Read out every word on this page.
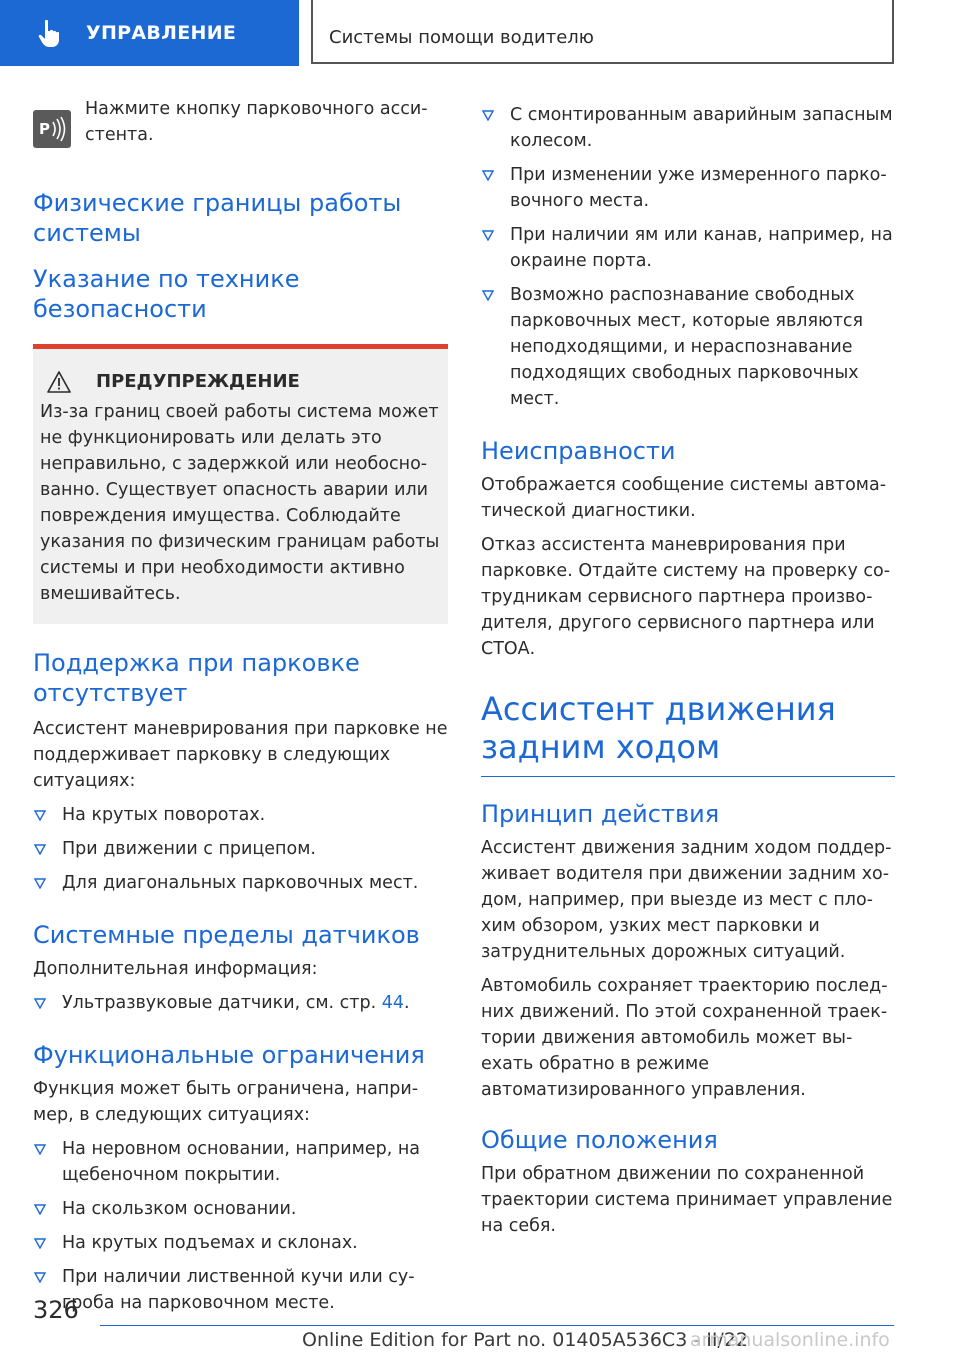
УПРАВЛЕНИЕ	Системы помощи водителю
P

Нажмите кнопку парковочного ассистента.

Физические границы работы системы
Указание по технике безопасности
ПРЕДУПРЕЖДЕНИЕ

Из-за границ своей работы система может не функционировать или делать это неправильно, с задержкой или необоснованно. Существует опасность аварии или повреждения имущества. Соблюдайте указания по физическим границам работы системы и при необходимости активно вмешивайтесь.

Поддержка при парковке отсутствует

Ассистент маневрирования при парковке не поддерживает парковку в следующих ситуациях:

На крутых поворотах.
При движении с прицепом.
Для диагональных парковочных мест.
Системные пределы датчиков

Дополнительная информация:

Ультразвуковые датчики, см. стр. 44.
Функциональные ограничения

Функция может быть ограничена, например, в следующих ситуациях:

На неровном основании, например, на щебеночном покрытии.
На скользком основании.
На крутых подъемах и склонах.
При наличии лиственной кучи или сугроба на парковочном месте.
С смонтированным аварийным запасным колесом.
При изменении уже измеренного парковочного места.
При наличии ям или канав, например, на окраине порта.
Возможно распознавание свободных парковочных мест, которые являются неподходящими, и нераспознавание подходящих свободных парковочных мест.
Неисправности

Отображается сообщение системы автоматической диагностики.

Отказ ассистента маневрирования при парковке. Отдайте систему на проверку сотрудникам сервисного партнера производителя, другого сервисного партнера или СТОА.

Ассистент движения задним ходом
Принцип действия

Ассистент движения задним ходом поддерживает водителя при движении задним ходом, например, при выезде из мест с плохим обзором, узких мест парковки и затруднительных дорожных ситуаций.

Автомобиль сохраняет траекторию последних движений. По этой сохраненной траектории движения автомобиль может выехать обратно в режиме автоматизированного управления.

Общие положения

При обратном движении по сохраненной траектории система принимает управление на себя.

326
Online Edition for Part no. 01405A536C3 - II/22
armanualsonline.info
